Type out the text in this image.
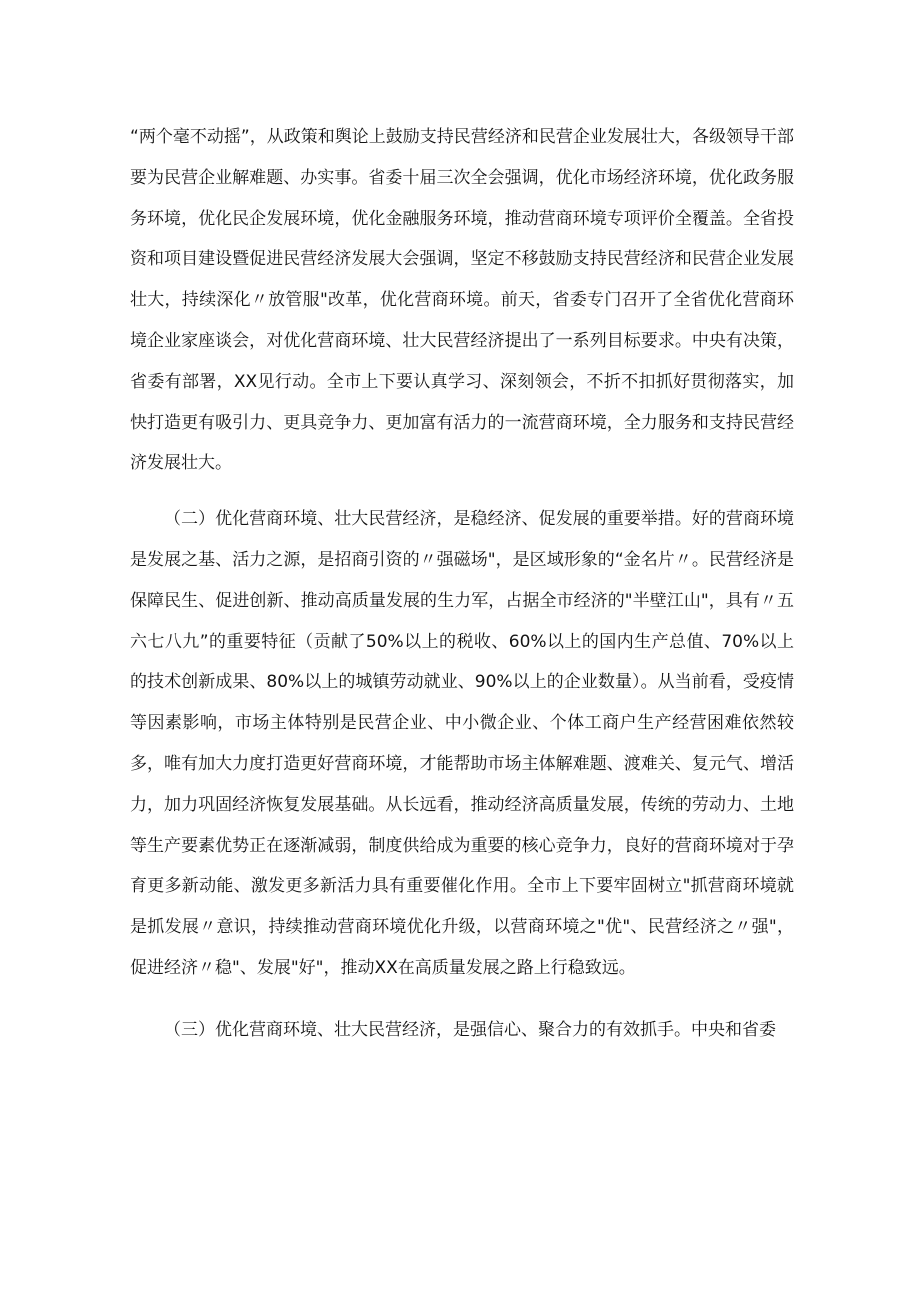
“两个毫不动摇”，从政策和舆论上鼓励支持民营经济和民营企业发展壮大，各级领导干部要为民营企业解难题、办实事。省委十届三次全会强调，优化市场经济环境，优化政务服务环境，优化民企发展环境，优化金融服务环境，推动营商环境专项评价全覆盖。全省投资和项目建设暨促进民营经济发展大会强调，坚定不移鼓励支持民营经济和民营企业发展壮大，持续深化〃放管服"改革，优化营商环境。前天，省委专门召开了全省优化营商环境企业家座谈会，对优化营商环境、壮大民营经济提出了一系列目标要求。中央有决策，省委有部署，XX见行动。全市上下要认真学习、深刻领会，不折不扣抓好贯彻落实，加快打造更有吸引力、更具竞争力、更加富有活力的一流营商环境，全力服务和支持民营经济发展壮大。

（二）优化营商环境、壮大民营经济，是稳经济、促发展的重要举措。好的营商环境是发展之基、活力之源，是招商引资的〃强磁场"，是区域形象的“金名片〃。民营经济是保障民生、促进创新、推动高质量发展的生力军，占据全市经济的"半壁江山"，具有〃五六七八九”的重要特征（贡献了50%以上的税收、60%以上的国内生产总值、70%以上的技术创新成果、80%以上的城镇劳动就业、90%以上的企业数量）。从当前看，受疫情等因素影响，市场主体特别是民营企业、中小微企业、个体工商户生产经营困难依然较多，唯有加大力度打造更好营商环境，才能帮助市场主体解难题、渡难关、复元气、增活力，加力巩固经济恢复发展基础。从长远看，推动经济高质量发展，传统的劳动力、土地等生产要素优势正在逐渐减弱，制度供给成为重要的核心竞争力，良好的营商环境对于孕育更多新动能、激发更多新活力具有重要催化作用。全市上下要牢固树立"抓营商环境就是抓发展〃意识，持续推动营商环境优化升级，以营商环境之"优"、民营经济之〃强"，促进经济〃稳"、发展"好"，推动XX在高质量发展之路上行稳致远。

（三）优化营商环境、壮大民营经济，是强信心、聚合力的有效抓手。中央和省委
